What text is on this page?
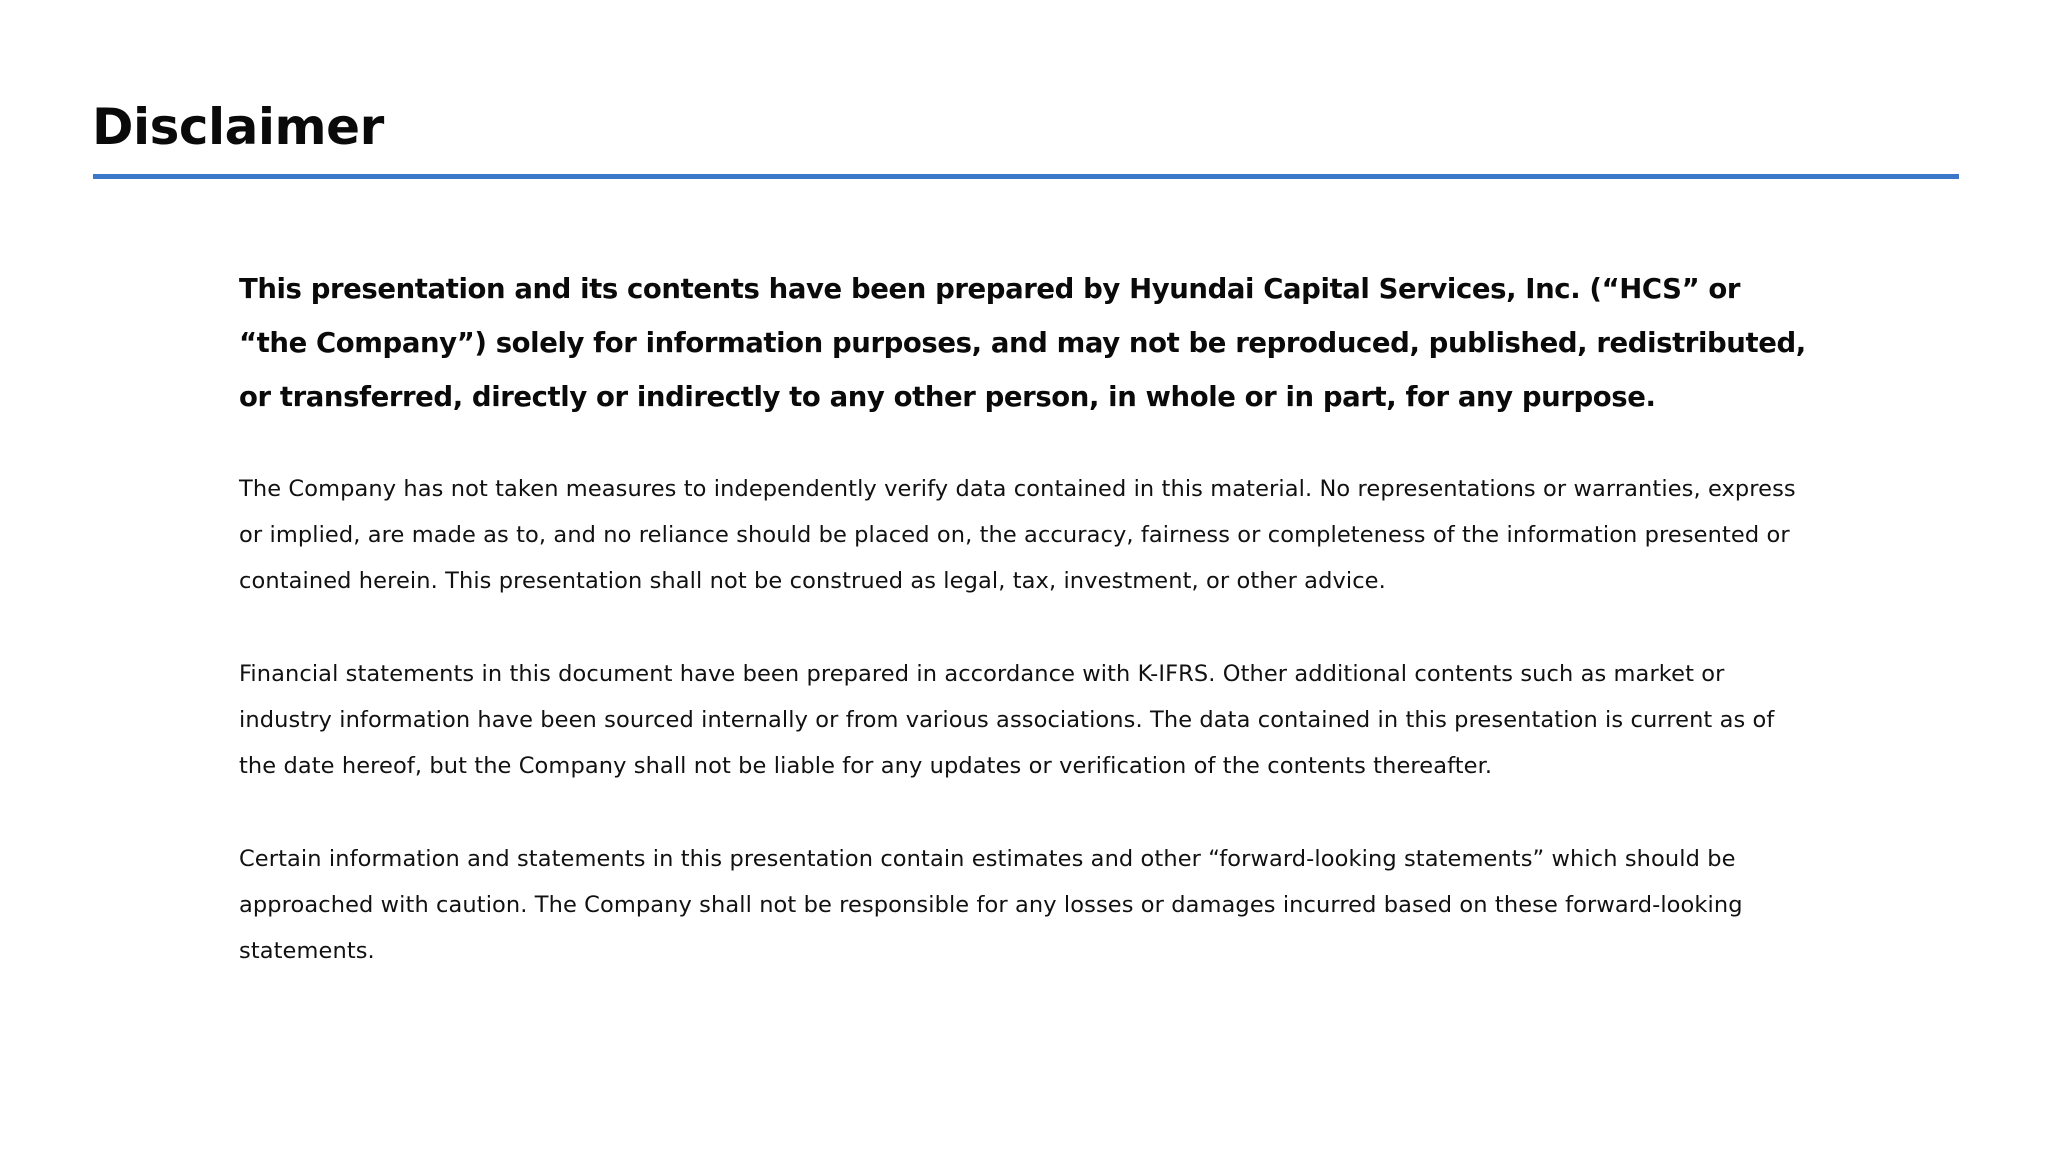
Disclaimer

This presentation and its contents have been prepared by Hyundai Capital Services, Inc. (“HCS” or “the Company”) solely for information purposes, and may not be reproduced, published, redistributed, or transferred, directly or indirectly to any other person, in whole or in part, for any purpose.

The Company has not taken measures to independently verify data contained in this material. No representations or warranties, express or implied, are made as to, and no reliance should be placed on, the accuracy, fairness or completeness of the information presented or contained herein. This presentation shall not be construed as legal, tax, investment, or other advice.

Financial statements in this document have been prepared in accordance with K-IFRS. Other additional contents such as market or industry information have been sourced internally or from various associations. The data contained in this presentation is current as of the date hereof, but the Company shall not be liable for any updates or verification of the contents thereafter.

Certain information and statements in this presentation contain estimates and other “forward-looking statements” which should be approached with caution. The Company shall not be responsible for any losses or damages incurred based on these forward-looking statements.
